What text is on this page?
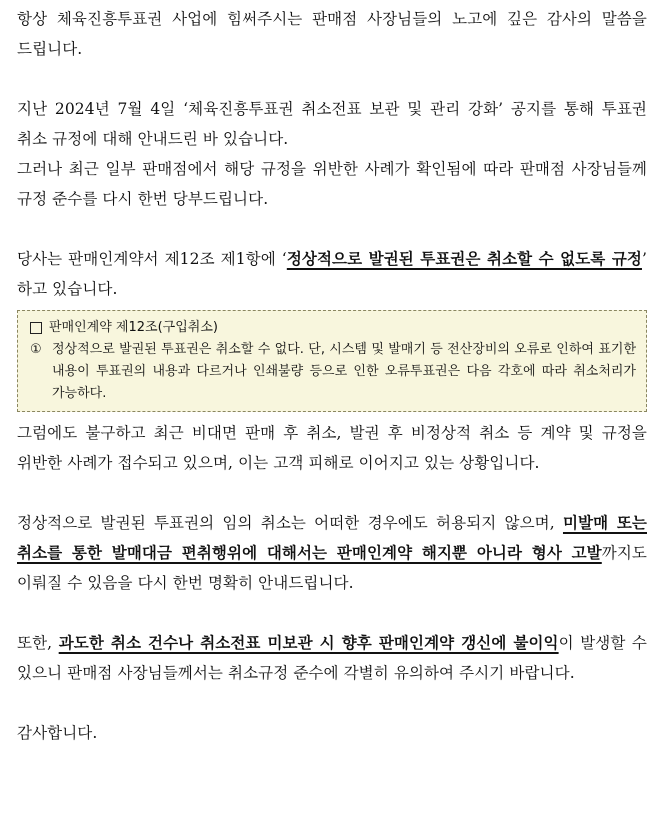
항상 체육진흥투표권 사업에 힘써주시는 판매점 사장님들의 노고에 깊은 감사의 말씀을 드립니다.

지난 2024년 7월 4일 ‘체육진흥투표권 취소전표 보관 및 관리 강화’ 공지를 통해 투표권 취소 규정에 대해 안내드린 바 있습니다.

그러나 최근 일부 판매점에서 해당 규정을 위반한 사례가 확인됨에 따라 판매점 사장님들께 규정 준수를 다시 한번 당부드립니다.

당사는 판매인계약서 제12조 제1항에 ‘정상적으로 발권된 투표권은 취소할 수 없도록 규정’ 하고 있습니다.

판매인계약 제12조(구입취소)
① 정상적으로 발권된 투표권은 취소할 수 없다. 단, 시스템 및 발매기 등 전산장비의 오류로 인하여 표기한 내용이 투표권의 내용과 다르거나 인쇄불량 등으로 인한 오류투표권은 다음 각호에 따라 취소처리가 가능하다.

그럼에도 불구하고 최근 비대면 판매 후 취소, 발권 후 비정상적 취소 등 계약 및 규정을 위반한 사례가 접수되고 있으며, 이는 고객 피해로 이어지고 있는 상황입니다.

정상적으로 발권된 투표권의 임의 취소는 어떠한 경우에도 허용되지 않으며, 미발매 또는 취소를 통한 발매대금 편취행위에 대해서는 판매인계약 해지뿐 아니라 형사 고발까지도 이뤄질 수 있음을 다시 한번 명확히 안내드립니다.

또한, 과도한 취소 건수나 취소전표 미보관 시 향후 판매인계약 갱신에 불이익이 발생할 수 있으니 판매점 사장님들께서는 취소규정 준수에 각별히 유의하여 주시기 바랍니다.

감사합니다.
